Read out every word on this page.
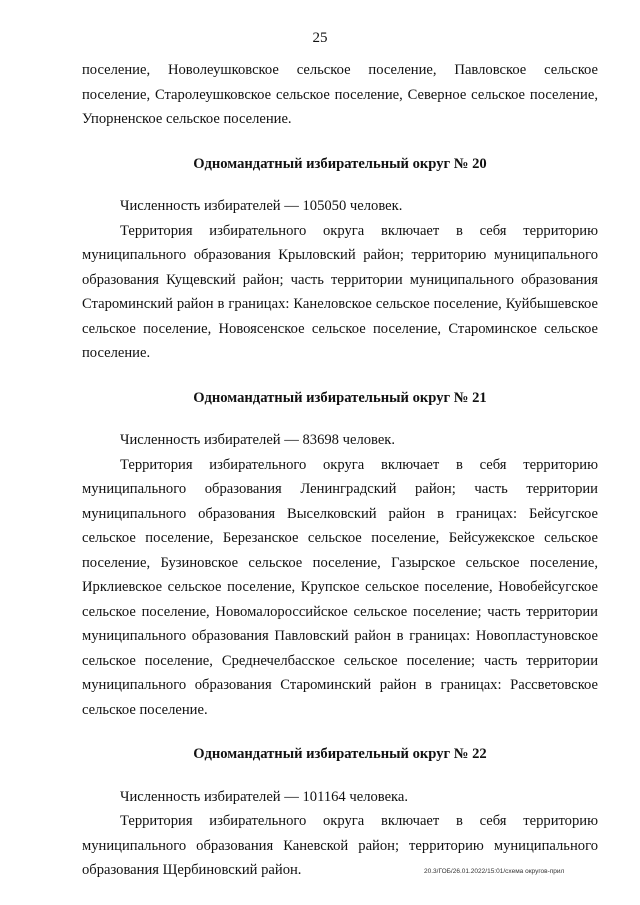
25

поселение, Новолеушковское сельское поселение, Павловское сельское поселение, Старолеушковское сельское поселение, Северное сельское поселение, Упорненское сельское поселение.

Одномандатный избирательный округ № 20

Численность избирателей — 105050 человек.

Территория избирательного округа включает в себя территорию муниципального образования Крыловский район; территорию муниципального образования Кущевский район; часть территории муниципального образования Староминский район в границах: Канеловское сельское поселение, Куйбышевское сельское поселение, Новоясенское сельское поселение, Староминское сельское поселение.

Одномандатный избирательный округ № 21

Численность избирателей — 83698 человек.

Территория избирательного округа включает в себя территорию муниципального образования Ленинградский район; часть территории муниципального образования Выселковский район в границах: Бейсугское сельское поселение, Березанское сельское поселение, Бейсужекское сельское поселение, Бузиновское сельское поселение, Газырское сельское поселение, Ирклиевское сельское поселение, Крупское сельское поселение, Новобейсугское сельское поселение, Новомалороссийское сельское поселение; часть территории муниципального образования Павловский район в границах: Новопластуновское сельское поселение, Среднечелбасское сельское поселение; часть территории муниципального образования Староминский район в границах: Рассветовское сельское поселение.

Одномандатный избирательный округ № 22

Численность избирателей — 101164 человека.

Территория избирательного округа включает в себя территорию муниципального образования Каневской район; территорию муниципального образования Щербиновский район.	20.3/ГОБ/26.01.2022/15:01/схема округов-прил
